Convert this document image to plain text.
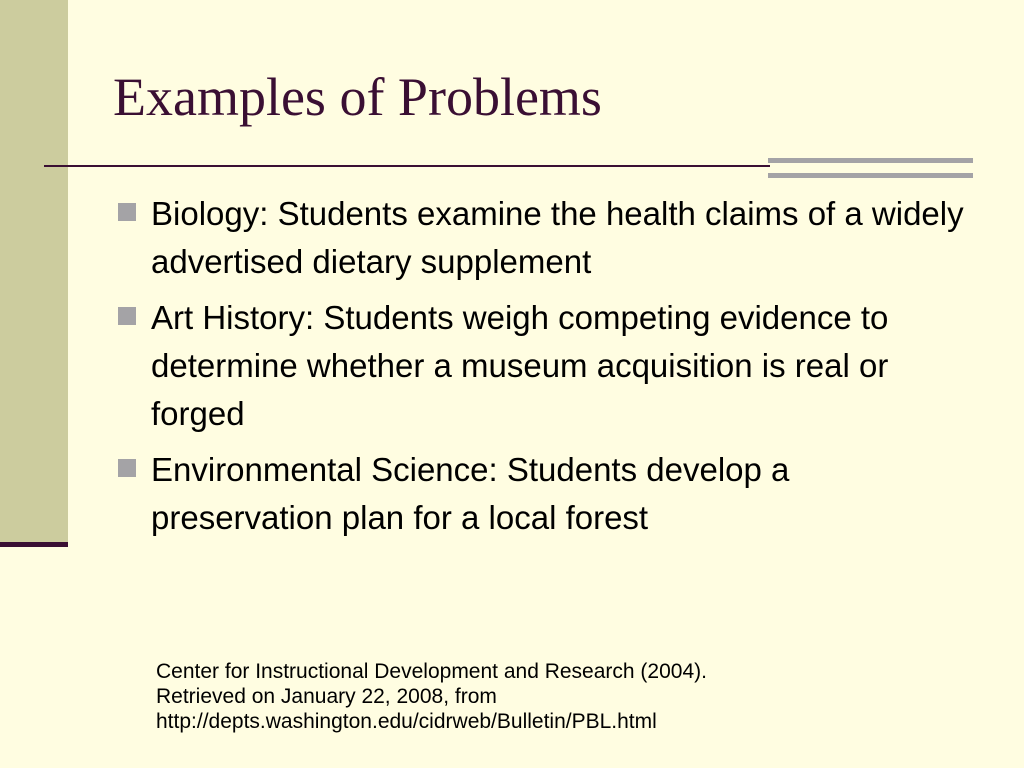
Examples of Problems
Biology: Students examine the health claims of a widely advertised dietary supplement
Art History: Students weigh competing evidence to determine whether a museum acquisition is real or forged
Environmental Science: Students develop a preservation plan for a local forest

Center for Instructional Development and Research (2004).
Retrieved on January 22, 2008, from
http://depts.washington.edu/cidrweb/Bulletin/PBL.html
